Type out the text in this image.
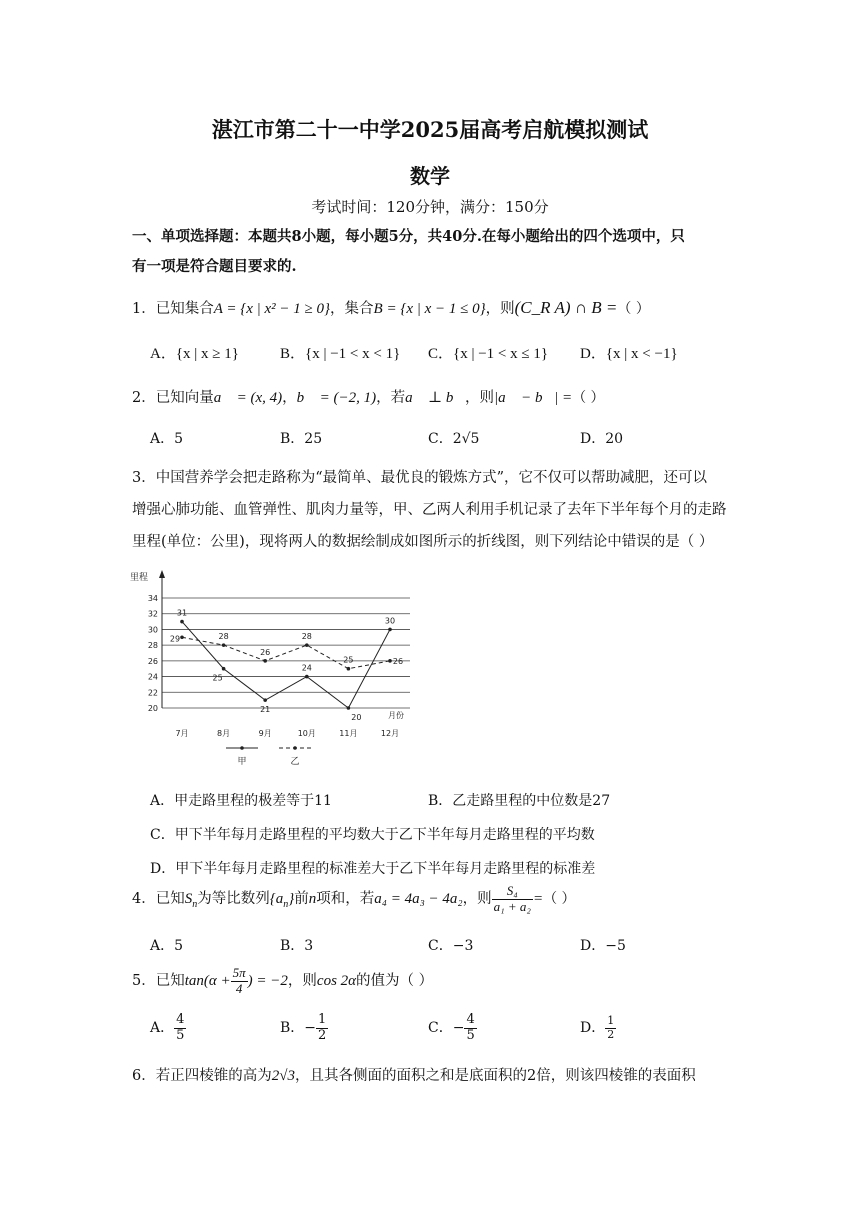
湛江市第二十一中学2025届高考启航模拟测试
数学
考试时间：120分钟，满分：150分
一、单项选择题：本题共8小题，每小题5分，共40分.在每小题给出的四个选项中，只
有一项是符合题目要求的.
1．已知集合A = {x | x² − 1 ≥ 0}，集合B = {x | x − 1 ≤ 0}，则(C_R A) ∩ B =（ ）
A．{x | x ≥ 1}	B．{x | −1 < x < 1} C．{x | −1 < x ≤ 1} D．{x | x < −1}
2．已知向量a⃗ = (x, 4)，b⃗ = (−2, 1)，若a⃗ ⊥ b⃗，则|a⃗ − b⃗| =（ ）
A．5	B．25	C．2√5	D．20
3．中国营养学会把走路称为“最简单、最优良的锻炼方式”，它不仅可以帮助减肥，还可以
增强心肺功能、血管弹性、肌肉力量等，甲、乙两人利用手机记录了去年下半年每个月的走路
里程(单位：公里)，现将两人的数据绘制成如图所示的折线图，则下列结论中错误的是（ ）
20
22
24
26
28
30
32
34
里程
月份
7月	8月	9月	10月	11月	12月
31
25
21
24
20
30
29	28
26
28
25	26
甲	乙
A．甲走路里程的极差等于11	B．乙走路里程的中位数是27
C．甲下半年每月走路里程的平均数大于乙下半年每月走路里程的平均数
D．甲下半年每月走路里程的标准差大于乙下半年每月走路里程的标准差
4．已知$S_n$为等比数列$\{a_n\}$前n项和，若a₄ = 4a₃ − 4a₂，则 $\frac{\text{S₄}}{\text{a₁ + a₂}}$ =（ ）
A．5	B．3	C．−3	D．−5
5．已知$\tan(\alpha + \frac{5\pi}{4}$ ) = −2，则cos 2α的值为（ ）
A． $\frac{4}{5}$	B．− $\frac{1}{2}$	C．− $\frac{4}{5}$	D． $\frac{1}{2}$
6．若正四棱锥的高为2√3，且其各侧面的面积之和是底面积的2倍，则该四棱锥的表面积
